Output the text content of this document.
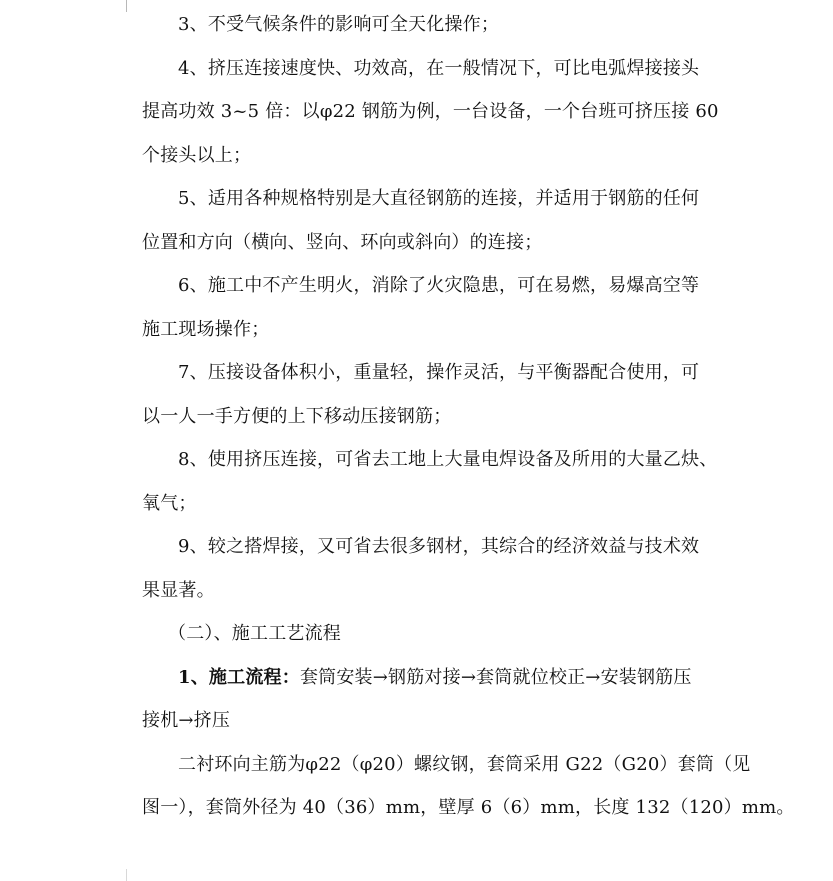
3、不受气候条件的影响可全天化操作；
4、挤压连接速度快、功效高，在一般情况下，可比电弧焊接接头
提高功效 3~5 倍：以φ22 钢筋为例，一台设备，一个台班可挤压接 60
个接头以上；
5、适用各种规格特别是大直径钢筋的连接，并适用于钢筋的任何
位置和方向（横向、竖向、环向或斜向）的连接；
6、施工中不产生明火，消除了火灾隐患，可在易燃，易爆高空等
施工现场操作；
7、压接设备体积小，重量轻，操作灵活，与平衡器配合使用，可
以一人一手方便的上下移动压接钢筋；
8、使用挤压连接，可省去工地上大量电焊设备及所用的大量乙炔、
氧气；
9、较之搭焊接，又可省去很多钢材，其综合的经济效益与技术效
果显著。
（二）、施工工艺流程
1、施工流程：套筒安装→钢筋对接→套筒就位校正→安装钢筋压
接机→挤压
二衬环向主筋为φ22（φ20）螺纹钢，套筒采用 G22（G20）套筒（见
图一），套筒外径为 40（36）mm，壁厚 6（6）mm，长度 132（120）mm。
